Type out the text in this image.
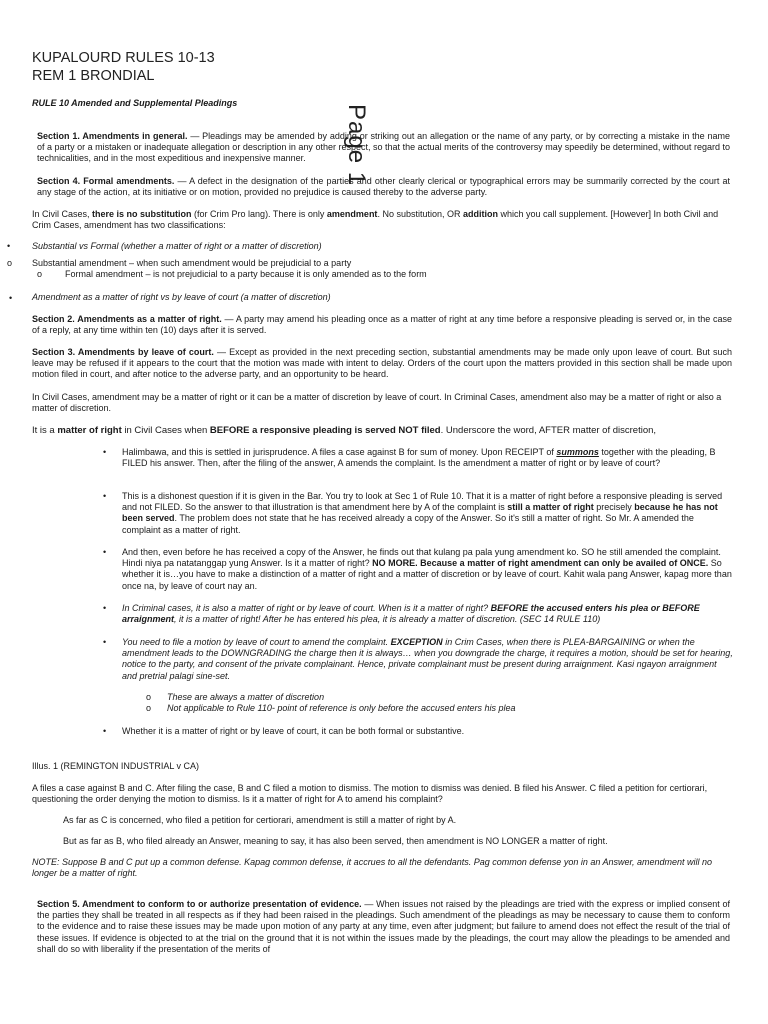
KUPALOURD RULES 10-13
REM 1 BRONDIAL
Page 1
RULE 10 Amended and Supplemental Pleadings
Section 1. Amendments in general. — Pleadings may be amended by adding or striking out an allegation or the name of any party, or by correcting a mistake in the name of a party or a mistaken or inadequate allegation or description in any other respect, so that the actual merits of the controversy may speedily be determined, without regard to technicalities, and in the most expeditious and inexpensive manner.
Section 4. Formal amendments. — A defect in the designation of the parties and other clearly clerical or typographical errors may be summarily corrected by the court at any stage of the action, at its initiative or on motion, provided no prejudice is caused thereby to the adverse party.
In Civil Cases, there is no substitution (for Crim Pro lang). There is only amendment. No substitution, OR addition which you call supplement. [However] In both Civil and Crim Cases, amendment has two classifications:
• Substantial vs Formal (whether a matter of right or a matter of discretion)
o Substantial amendment – when such amendment would be prejudicial to a party
o	Formal amendment – is not prejudicial to a party because it is only amended as to the form
• Amendment as a matter of right vs by leave of court (a matter of discretion)
Section 2. Amendments as a matter of right. — A party may amend his pleading once as a matter of right at any time before a responsive pleading is served or, in the case of a reply, at any time within ten (10) days after it is served.
Section 3. Amendments by leave of court. — Except as provided in the next preceding section, substantial amendments may be made only upon leave of court. But such leave may be refused if it appears to the court that the motion was made with intent to delay. Orders of the court upon the matters provided in this section shall be made upon motion filed in court, and after notice to the adverse party, and an opportunity to be heard.
In Civil Cases, amendment may be a matter of right or it can be a matter of discretion by leave of court. In Criminal Cases, amendment also may be a matter of right or also a matter of discretion.
It is a matter of right in Civil Cases when BEFORE a responsive pleading is served NOT filed. Underscore the word, AFTER matter of discretion,
• Halimbawa, and this is settled in jurisprudence. A files a case against B for sum of money. Upon RECEIPT of summons together with the pleading, B FILED his answer. Then, after the filing of the answer, A amends the complaint. Is the amendment a matter of right or by leave of court?
• This is a dishonest question if it is given in the Bar. You try to look at Sec 1 of Rule 10. That it is a matter of right before a responsive pleading is served and not FILED. So the answer to that illustration is that amendment here by A of the complaint is still a matter of right precisely because he has not been served. The problem does not state that he has received already a copy of the Answer. So it's still a matter of right. So Mr. A amended the complaint as a matter of right.
• And then, even before he has received a copy of the Answer, he finds out that kulang pa pala yung amendment ko. SO he still amended the complaint. Hindi niya pa natatanggap yung Answer. Is it a matter of right? NO MORE. Because a matter of right amendment can only be availed of ONCE. So whether it is…you have to make a distinction of a matter of right and a matter of discretion or by leave of court. Kahit wala pang Answer, kapag more than once na, by leave of court nay an.
• In Criminal cases, it is also a matter of right or by leave of court. When is it a matter of right? BEFORE the accused enters his plea or BEFORE arraignment, it is a matter of right! After he has entered his plea, it is already a matter of discretion. (SEC 14 RULE 110)
• You need to file a motion by leave of court to amend the complaint. EXCEPTION in Crim Cases, when there is PLEA-BARGAINING or when the amendment leads to the DOWNGRADING the charge then it is always… when you downgrade the charge, it requires a motion, should be set for hearing, notice to the party, and consent of the private complainant. Hence, private complainant must be present during arraignment. Kasi ngayon arraignment and pretrial palagi sine-set.
o These are always a matter of discretion
o Not applicable to Rule 110- point of reference is only before the accused enters his plea
• Whether it is a matter of right or by leave of court, it can be both formal or substantive.
Illus. 1 (REMINGTON INDUSTRIAL v CA)
A files a case against B and C. After filing the case, B and C filed a motion to dismiss. The motion to dismiss was denied. B filed his Answer. C filed a petition for certiorari, questioning the order denying the motion to dismiss. Is it a matter of right for A to amend his complaint?
As far as C is concerned, who filed a petition for certiorari, amendment is still a matter of right by A.
But as far as B, who filed already an Answer, meaning to say, it has also been served, then amendment is NO LONGER a matter of right.
NOTE: Suppose B and C put up a common defense. Kapag common defense, it accrues to all the defendants. Pag common defense yon in an Answer, amendment will no longer be a matter of right.
Section 5. Amendment to conform to or authorize presentation of evidence. — When issues not raised by the pleadings are tried with the express or implied consent of the parties they shall be treated in all respects as if they had been raised in the pleadings. Such amendment of the pleadings as may be necessary to cause them to conform to the evidence and to raise these issues may be made upon motion of any party at any time, even after judgment; but failure to amend does not effect the result of the trial of these issues. If evidence is objected to at the trial on the ground that it is not within the issues made by the pleadings, the court may allow the pleadings to be amended and shall do so with liberality if the presentation of the merits of
